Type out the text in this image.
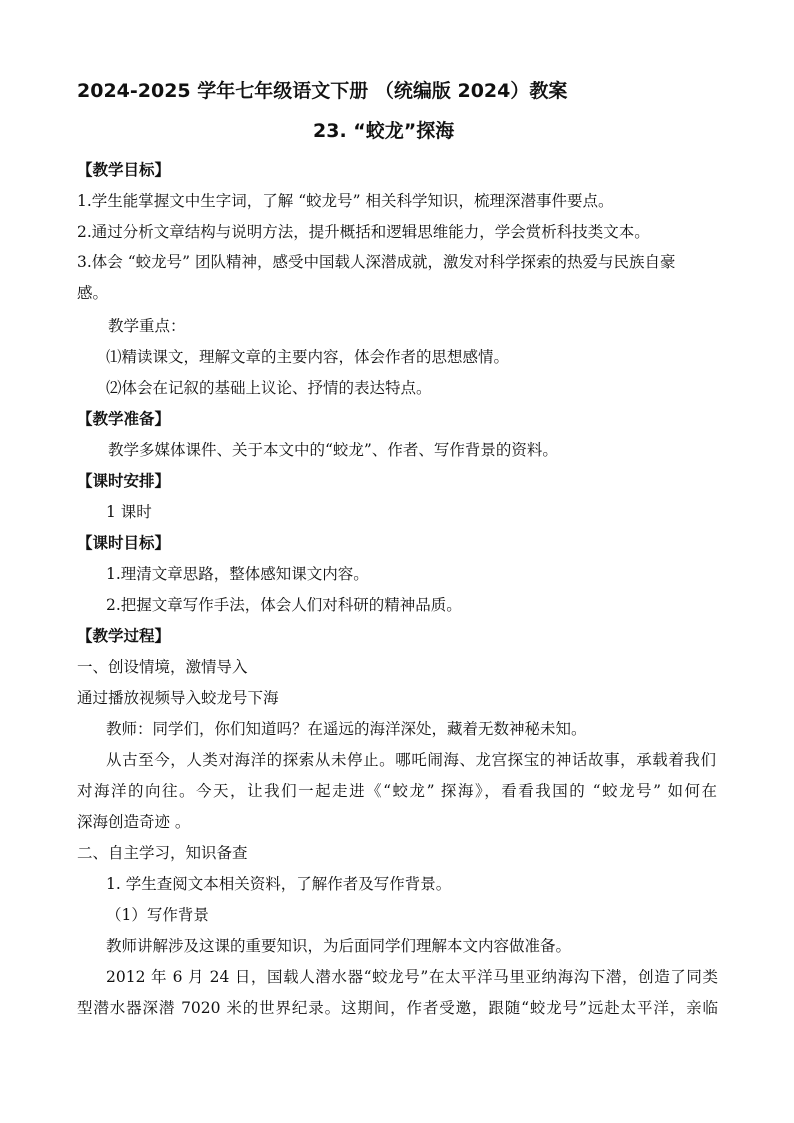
2024-2025 学年七年级语文下册 （统编版 2024）教案
23. “蛟龙”探海
【教学目标】
1.学生能掌握文中生字词，了解 “蛟龙号” 相关科学知识，梳理深潜事件要点。
2.通过分析文章结构与说明方法，提升概括和逻辑思维能力，学会赏析科技类文本。
3.体会 “蛟龙号” 团队精神，感受中国载人深潜成就，激发对科学探索的热爱与民族自豪
感。
教学重点：
⑴精读课文，理解文章的主要内容，体会作者的思想感情。
⑵体会在记叙的基础上议论、抒情的表达特点。
【教学准备】
教学多媒体课件、关于本文中的“蛟龙”、作者、写作背景的资料。
【课时安排】
1 课时
【课时目标】
1.理清文章思路，整体感知课文内容。
2.把握文章写作手法，体会人们对科研的精神品质。
【教学过程】
一、创设情境，激情导入
通过播放视频导入蛟龙号下海
教师：同学们，你们知道吗？在遥远的海洋深处，藏着无数神秘未知。
从古至今，人类对海洋的探索从未停止。哪吒闹海、龙宫探宝的神话故事，承载着我们
对海洋的向往。今天，让我们一起走进《“蛟龙” 探海》，看看我国的 “蛟龙号” 如何在
深海创造奇迹 。
二、自主学习，知识备查
1. 学生查阅文本相关资料，了解作者及写作背景。
（1）写作背景
教师讲解涉及这课的重要知识，为后面同学们理解本文内容做准备。
2012 年 6 月 24 日，国载人潜水器“蛟龙号”在太平洋马里亚纳海沟下潜，创造了同类
型潜水器深潜 7020 米的世界纪录。这期间，作者受邀，跟随“蛟龙号”远赴太平洋，亲临
